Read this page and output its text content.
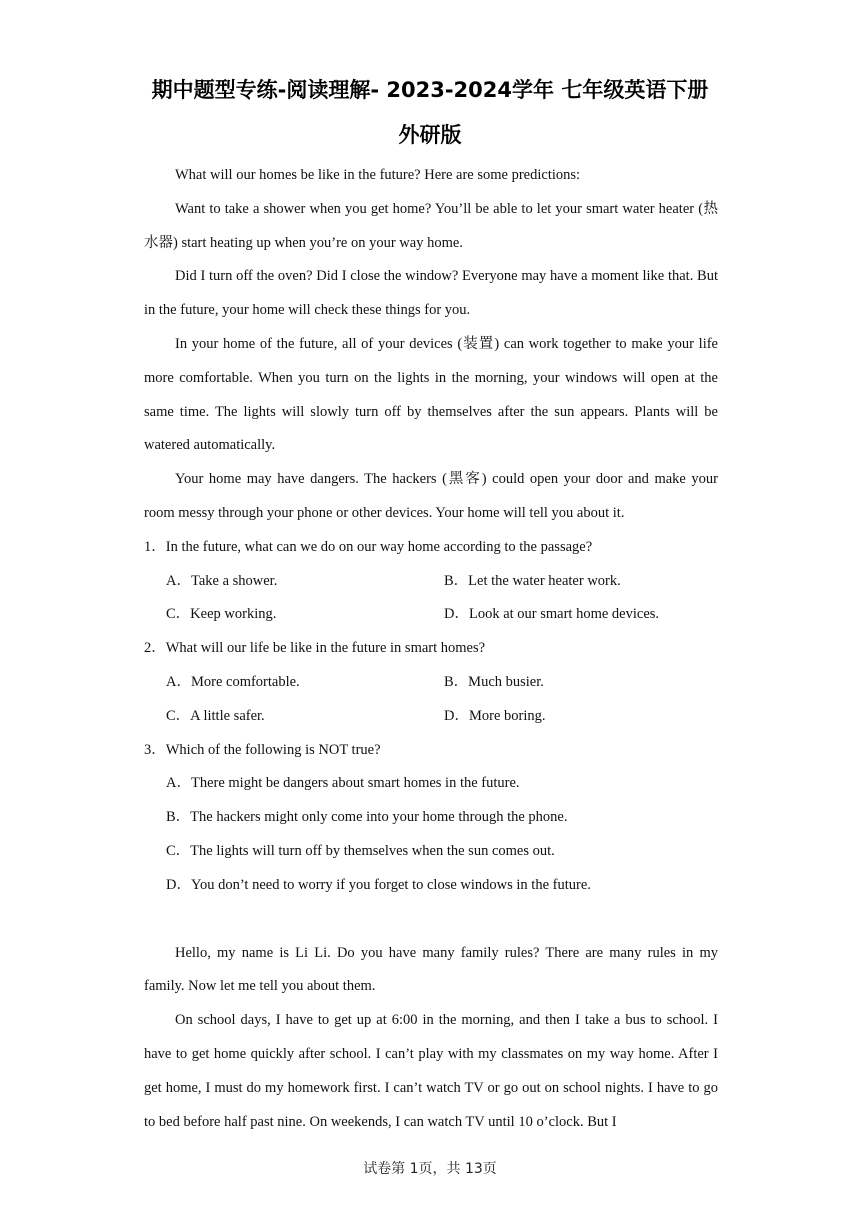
期中题型专练-阅读理解- 2023-2024学年 七年级英语下册
外研版

What will our homes be like in the future? Here are some predictions:

Want to take a shower when you get home? You’ll be able to let your smart water heater (热水器) start heating up when you’re on your way home.

Did I turn off the oven? Did I close the window? Everyone may have a moment like that. But in the future, your home will check these things for you.

In your home of the future, all of your devices (装置) can work together to make your life more comfortable. When you turn on the lights in the morning, your windows will open at the same time. The lights will slowly turn off by themselves after the sun appears. Plants will be watered automatically.

Your home may have dangers. The hackers (黑客) could open your door and make your room messy through your phone or other devices. Your home will tell you about it.

1．In the future, what can we do on our way home according to the passage?

A．Take a shower.	B．Let the water heater work.
C．Keep working.	D．Look at our smart home devices.

2．What will our life be like in the future in smart homes?

A．More comfortable.	B．Much busier.
C．A little safer.	D．More boring.

3．Which of the following is NOT true?

A．There might be dangers about smart homes in the future.

B．The hackers might only come into your home through the phone.

C．The lights will turn off by themselves when the sun comes out.

D．You don’t need to worry if you forget to close windows in the future.

Hello, my name is Li Li. Do you have many family rules? There are many rules in my family. Now let me tell you about them.

On school days, I have to get up at 6:00 in the morning, and then I take a bus to school. I have to get home quickly after school. I can’t play with my classmates on my way home. After I get home, I must do my homework first. I can’t watch TV or go out on school nights. I have to go to bed before half past nine. On weekends, I can watch TV until 10 o’clock. But I

试卷第 1页，共 13页
